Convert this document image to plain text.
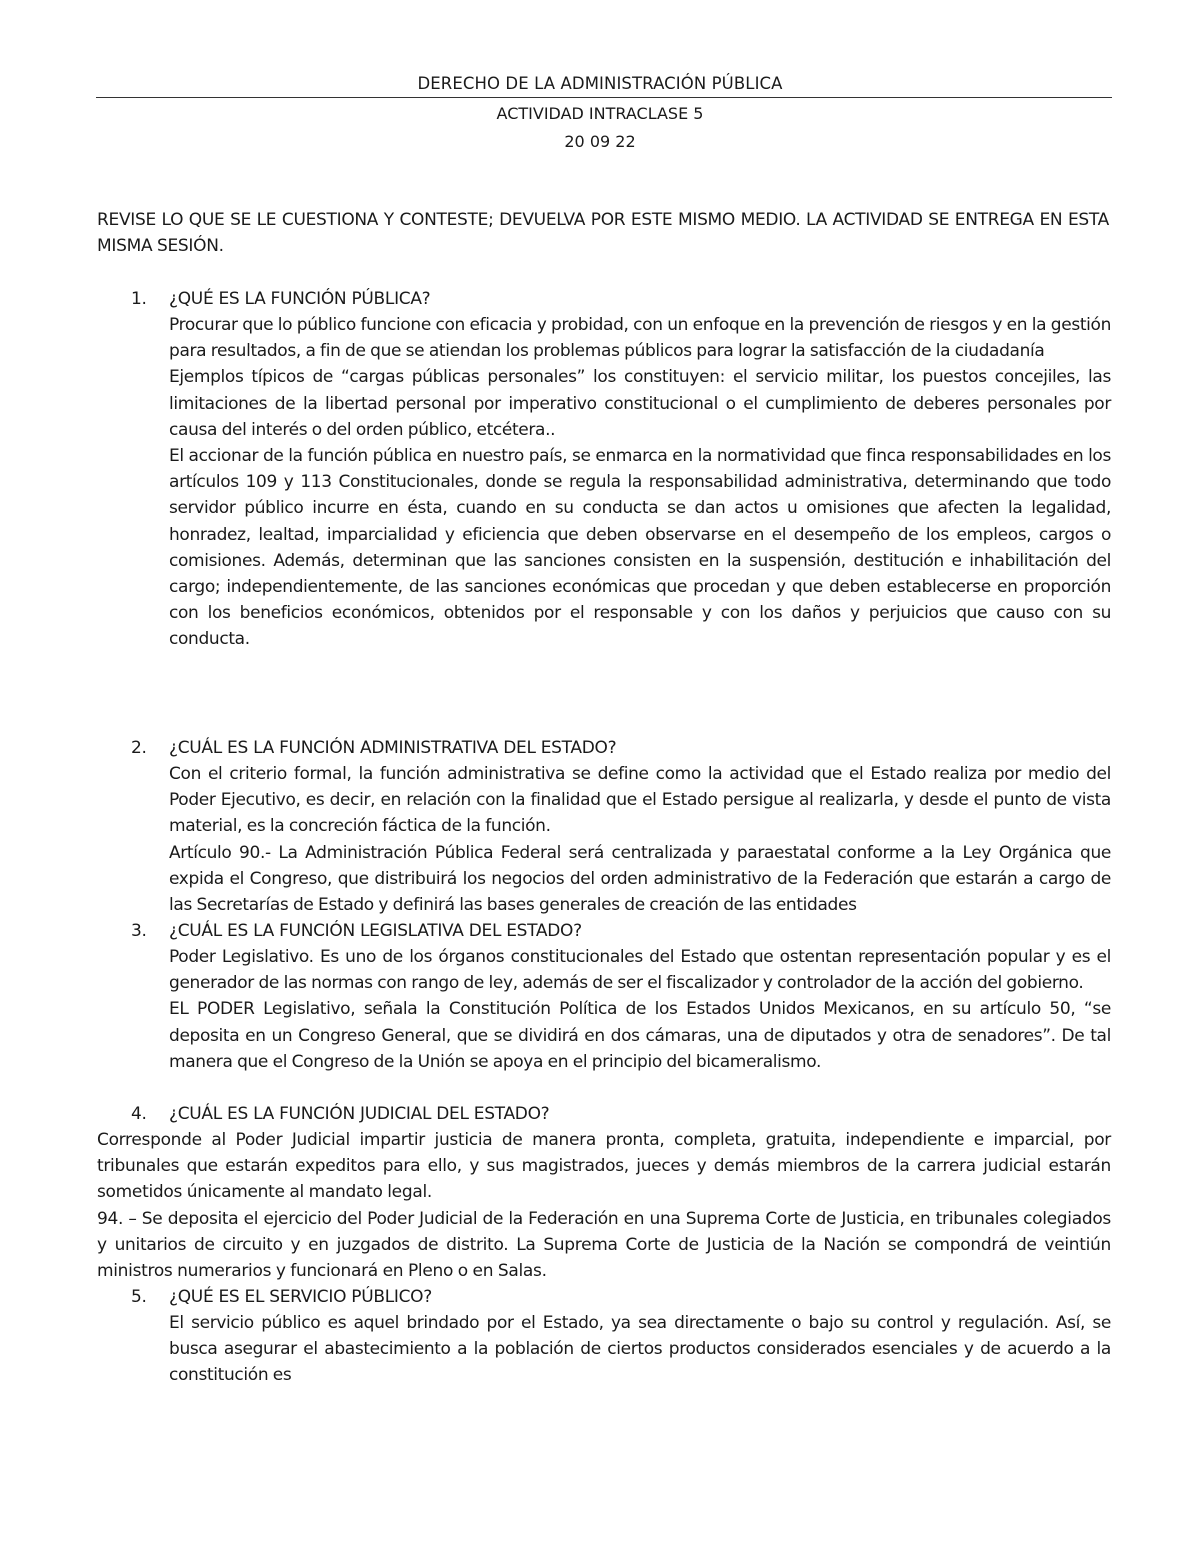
DERECHO DE LA ADMINISTRACIÓN PÚBLICA
ACTIVIDAD INTRACLASE 5
20 09 22
REVISE LO QUE SE LE CUESTIONA Y CONTESTE; DEVUELVA POR ESTE MISMO MEDIO. LA ACTIVIDAD SE ENTREGA EN ESTA MISMA SESIÓN.
1. ¿QUÉ ES LA FUNCIÓN PÚBLICA?

Procurar que lo público funcione con eficacia y probidad, con un enfoque en la prevención de riesgos y en la gestión para resultados, a fin de que se atiendan los problemas públicos para lograr la satisfacción de la ciudadanía

Ejemplos típicos de “cargas públicas personales” los constituyen: el servicio militar, los puestos concejiles, las limitaciones de la libertad personal por imperativo constitucional o el cumplimiento de deberes personales por causa del interés o del orden público, etcétera..

El accionar de la función pública en nuestro país, se enmarca en la normatividad que finca responsabilidades en los artículos 109 y 113 Constitucionales, donde se regula la responsabilidad administrativa, determinando que todo servidor público incurre en ésta, cuando en su conducta se dan actos u omisiones que afecten la legalidad, honradez, lealtad, imparcialidad y eficiencia que deben observarse en el desempeño de los empleos, cargos o comisiones. Además, determinan que las sanciones consisten en la suspensión, destitución e inhabilitación del cargo; independientemente, de las sanciones económicas que procedan y que deben establecerse en proporción con los beneficios económicos, obtenidos por el responsable y con los daños y perjuicios que causo con su conducta.

2. ¿CUÁL ES LA FUNCIÓN ADMINISTRATIVA DEL ESTADO?

Con el criterio formal, la función administrativa se define como la actividad que el Estado realiza por medio del Poder Ejecutivo, es decir, en relación con la finalidad que el Estado persigue al realizarla, y desde el punto de vista material, es la concreción fáctica de la función.

Artículo 90.- La Administración Pública Federal será centralizada y paraestatal conforme a la Ley Orgánica que expida el Congreso, que distribuirá los negocios del orden administrativo de la Federación que estarán a cargo de las Secretarías de Estado y definirá las bases generales de creación de las entidades

3. ¿CUÁL ES LA FUNCIÓN LEGISLATIVA DEL ESTADO?

Poder Legislativo. Es uno de los órganos constitucionales del Estado que ostentan representación popular y es el generador de las normas con rango de ley, además de ser el fiscalizador y controlador de la acción del gobierno.

EL PODER Legislativo, señala la Constitución Política de los Estados Unidos Mexicanos, en su artículo 50, “se deposita en un Congreso General, que se dividirá en dos cámaras, una de diputados y otra de senadores”. De tal manera que el Congreso de la Unión se apoya en el principio del bicameralismo.

4. ¿CUÁL ES LA FUNCIÓN JUDICIAL DEL ESTADO?
Corresponde al Poder Judicial impartir justicia de manera pronta, completa, gratuita, independiente e imparcial, por tribunales que estarán expeditos para ello, y sus magistrados, jueces y demás miembros de la carrera judicial estarán sometidos únicamente al mandato legal.
94. – Se deposita el ejercicio del Poder Judicial de la Federación en una Suprema Corte de Justicia, en tribunales colegiados y unitarios de circuito y en juzgados de distrito. La Suprema Corte de Justicia de la Nación se compondrá de veintiún ministros numerarios y funcionará en Pleno o en Salas.
5. ¿QUÉ ES EL SERVICIO PÚBLICO?

El servicio público es aquel brindado por el Estado, ya sea directamente o bajo su control y regulación. Así, se busca asegurar el abastecimiento a la población de ciertos productos considerados esenciales y de acuerdo a la constitución es
